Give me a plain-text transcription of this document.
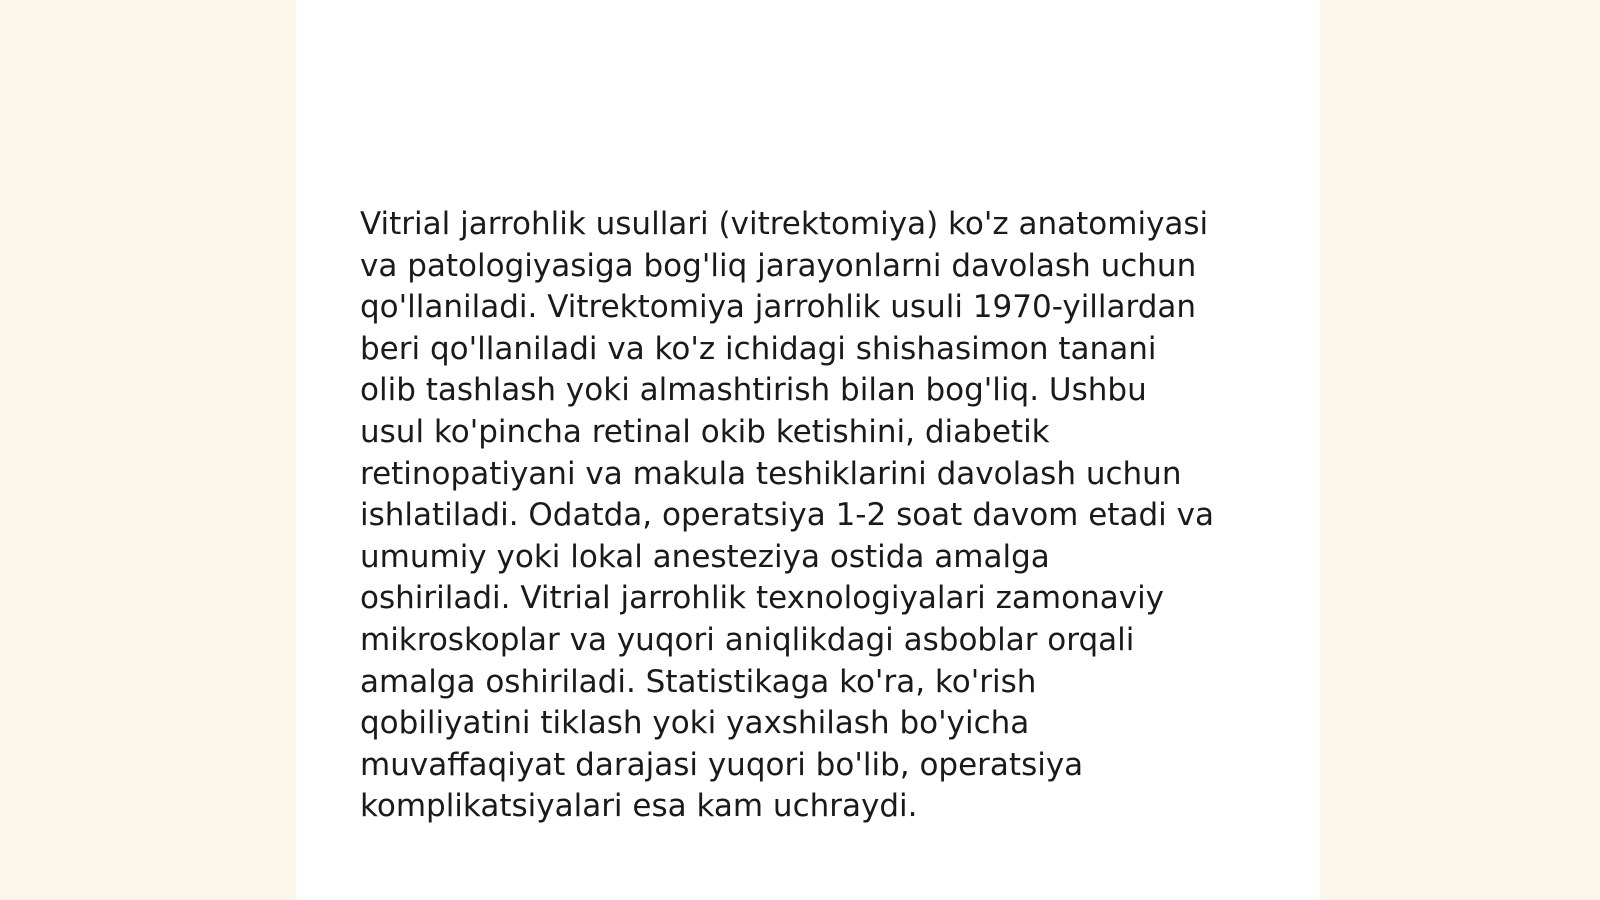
Vitrial jarrohlik usullari (vitrektomiya) ko'z anatomiyasi
va patologiyasiga bog'liq jarayonlarni davolash uchun
qo'llaniladi. Vitrektomiya jarrohlik usuli 1970-yillardan
beri qo'llaniladi va ko'z ichidagi shishasimon tanani
olib tashlash yoki almashtirish bilan bog'liq. Ushbu
usul ko'pincha retinal okib ketishini, diabetik
retinopatiyani va makula teshiklarini davolash uchun
ishlatiladi. Odatda, operatsiya 1-2 soat davom etadi va
umumiy yoki lokal anesteziya ostida amalga
oshiriladi. Vitrial jarrohlik texnologiyalari zamonaviy
mikroskoplar va yuqori aniqlikdagi asboblar orqali
amalga oshiriladi. Statistikaga ko'ra, ko'rish
qobiliyatini tiklash yoki yaxshilash bo'yicha
muvaffaqiyat darajasi yuqori bo'lib, operatsiya
komplikatsiyalari esa kam uchraydi.
